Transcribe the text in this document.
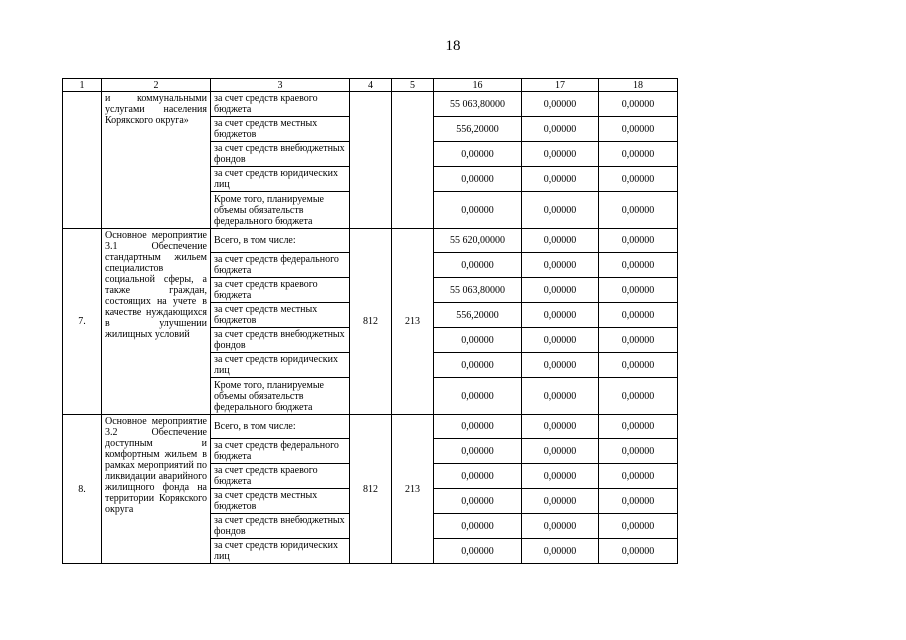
18
1	2	3	4	5	16	17	18
	и коммунальными услугами населения Корякского округа»	за счет средств краевого бюджета			55 063,80000	0,00000	0,00000
		за счет средств местных бюджетов			556,20000	0,00000	0,00000
		за счет средств внебюджетных фондов			0,00000	0,00000	0,00000
		за счет средств юридических лиц			0,00000	0,00000	0,00000
		Кроме того, планируемые объемы обязательств федерального бюджета			0,00000	0,00000	0,00000
7.	Основное мероприятие 3.1 Обеспечение стандартным жильем специалистов социальной сферы, а также граждан, состоящих на учете в качестве нуждающихся в улучшении жилищных условий	Всего, в том числе:	812	213	55 620,00000	0,00000	0,00000
		за счет средств федерального бюджета			0,00000	0,00000	0,00000
		за счет средств краевого бюджета			55 063,80000	0,00000	0,00000
		за счет средств местных бюджетов			556,20000	0,00000	0,00000
		за счет средств внебюджетных фондов			0,00000	0,00000	0,00000
		за счет средств юридических лиц			0,00000	0,00000	0,00000
		Кроме того, планируемые объемы обязательств федерального бюджета			0,00000	0,00000	0,00000
8.	Основное мероприятие 3.2 Обеспечение доступным и комфортным жильем в рамках мероприятий по ликвидации аварийного жилищного фонда на территории Корякского округа	Всего, в том числе:	812	213	0,00000	0,00000	0,00000
		за счет средств федерального бюджета			0,00000	0,00000	0,00000
		за счет средств краевого бюджета			0,00000	0,00000	0,00000
		за счет средств местных бюджетов			0,00000	0,00000	0,00000
		за счет средств внебюджетных фондов			0,00000	0,00000	0,00000
		за счет средств юридических лиц			0,00000	0,00000	0,00000
